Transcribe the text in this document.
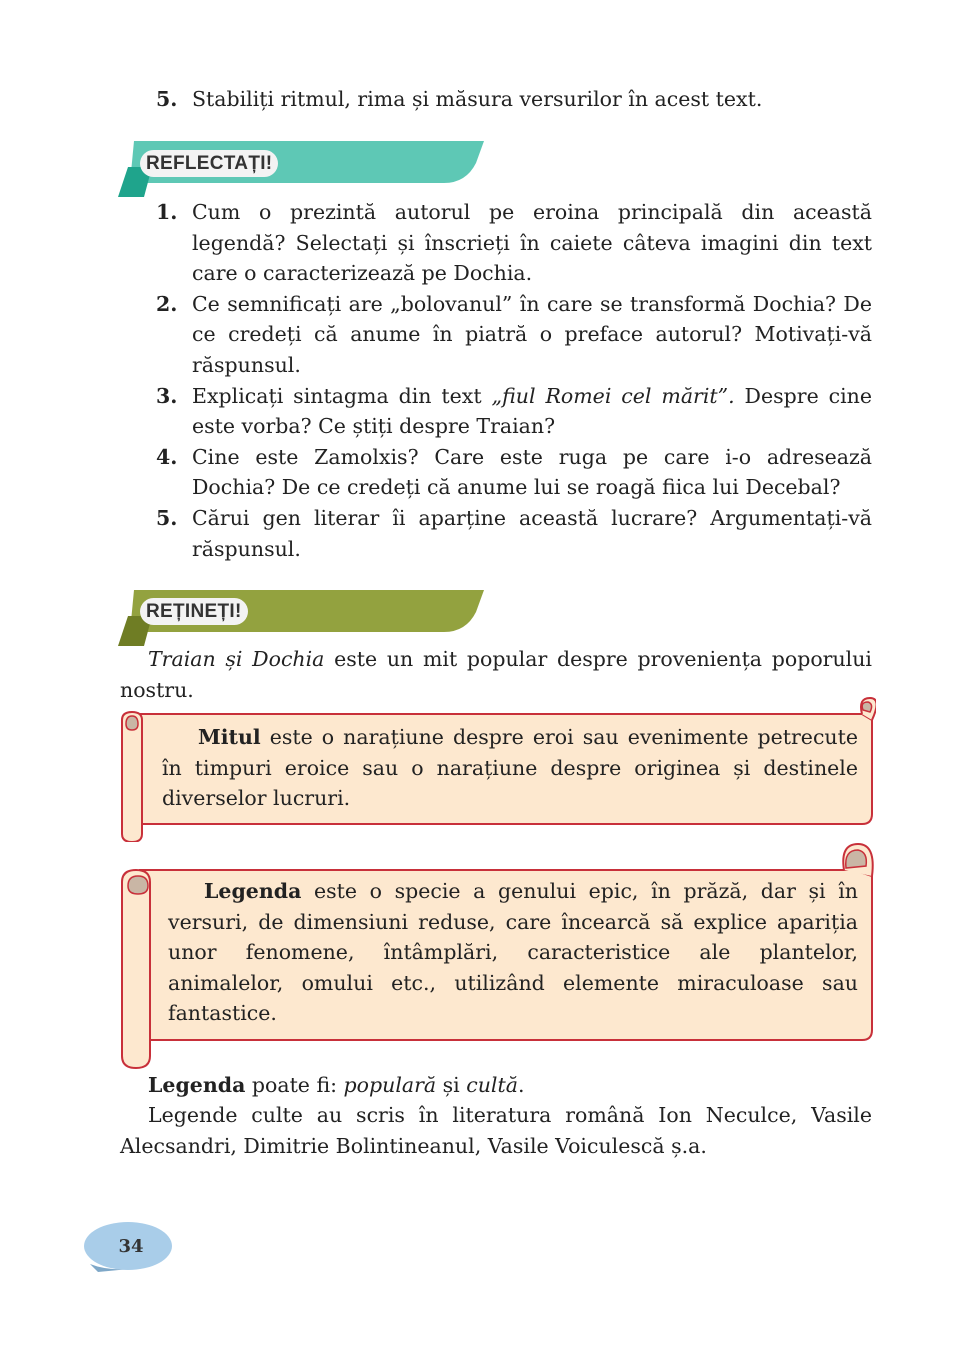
5. Stabiliți ritmul, rima și măsura versurilor în acest text.
REFLECTAȚI!
1. Cum o prezintă autorul pe eroina principală din această legendă? Selectați și înscrieți în caiete câteva imagini din text care o caracterizează pe Dochia.
2. Ce semnificați are „bolovanul” în care se transformă Dochia? De ce credeți că anume în piatră o preface autorul? Motivați-vă răspunsul.
3. Explicați sintagma din text „fiul Romei cel mărit”. Despre cine este vorba? Ce știți despre Traian?
4. Cine este Zamolxis? Care este ruga pe care i-o adresează Dochia? De ce credeți că anume lui se roagă fiica lui Decebal?
5. Cărui gen literar îi aparține această lucrare? Argumentați-vă răspunsul.
REȚINEȚI!

Traian și Dochia este un mit popular despre proveniența poporului nostru.

Mitul este o narațiune despre eroi sau evenimente petrecute în timpuri eroice sau o narațiune despre originea și destinele diverselor lucruri.

Legenda este o specie a genului epic, în prăză, dar și în versuri, de dimensiuni reduse, care încearcă să explice apariția unor fenomene, întâmplări, caracteristice ale plantelor, animalelor, omului etc., utilizând elemente miraculoase sau fantastice.

Legenda poate fi: populară și cultă.

Legende culte au scris în literatura română Ion Neculce, Vasile Alecsandri, Dimitrie Bolintineanul, Vasile Voiculescă ș.a.

34
